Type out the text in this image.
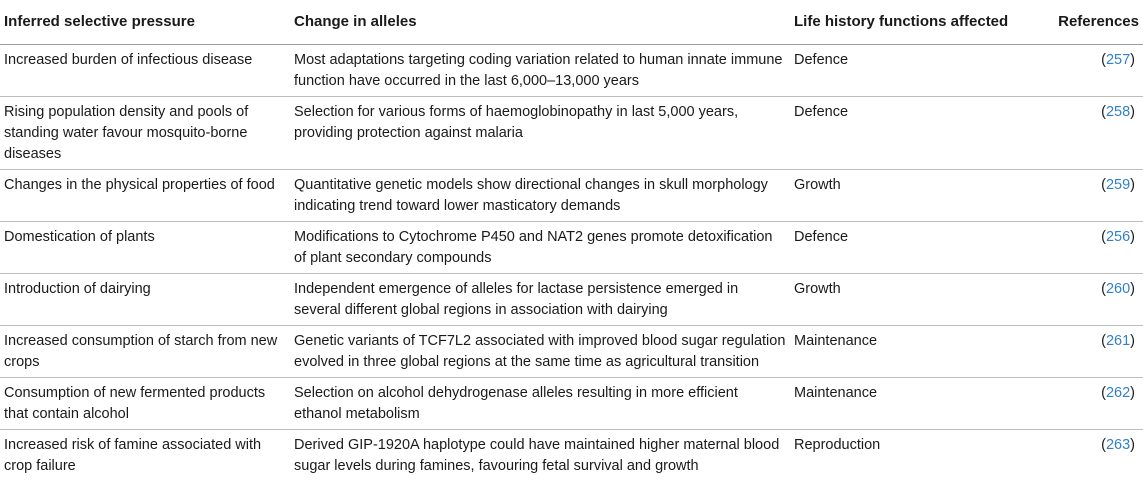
Inferred selective pressure	Change in alleles	Life history functions affected	References
Increased burden of infectious disease	Most adaptations targeting coding variation related to human innate immune function have occurred in the last 6,000–13,000 years	Defence	(257)
Rising population density and pools of standing water favour mosquito-borne diseases	Selection for various forms of haemoglobinopathy in last 5,000 years, providing protection against malaria	Defence	(258)
Changes in the physical properties of food	Quantitative genetic models show directional changes in skull morphology indicating trend toward lower masticatory demands	Growth	(259)
Domestication of plants	Modifications to Cytochrome P450 and NAT2 genes promote detoxification of plant secondary compounds	Defence	(256)
Introduction of dairying	Independent emergence of alleles for lactase persistence emerged in several different global regions in association with dairying	Growth	(260)
Increased consumption of starch from new crops	Genetic variants of TCF7L2 associated with improved blood sugar regulation evolved in three global regions at the same time as agricultural transition	Maintenance	(261)
Consumption of new fermented products that contain alcohol	Selection on alcohol dehydrogenase alleles resulting in more efficient ethanol metabolism	Maintenance	(262)
Increased risk of famine associated with crop failure	Derived GIP-1920A haplotype could have maintained higher maternal blood sugar levels during famines, favouring fetal survival and growth	Reproduction	(263)
